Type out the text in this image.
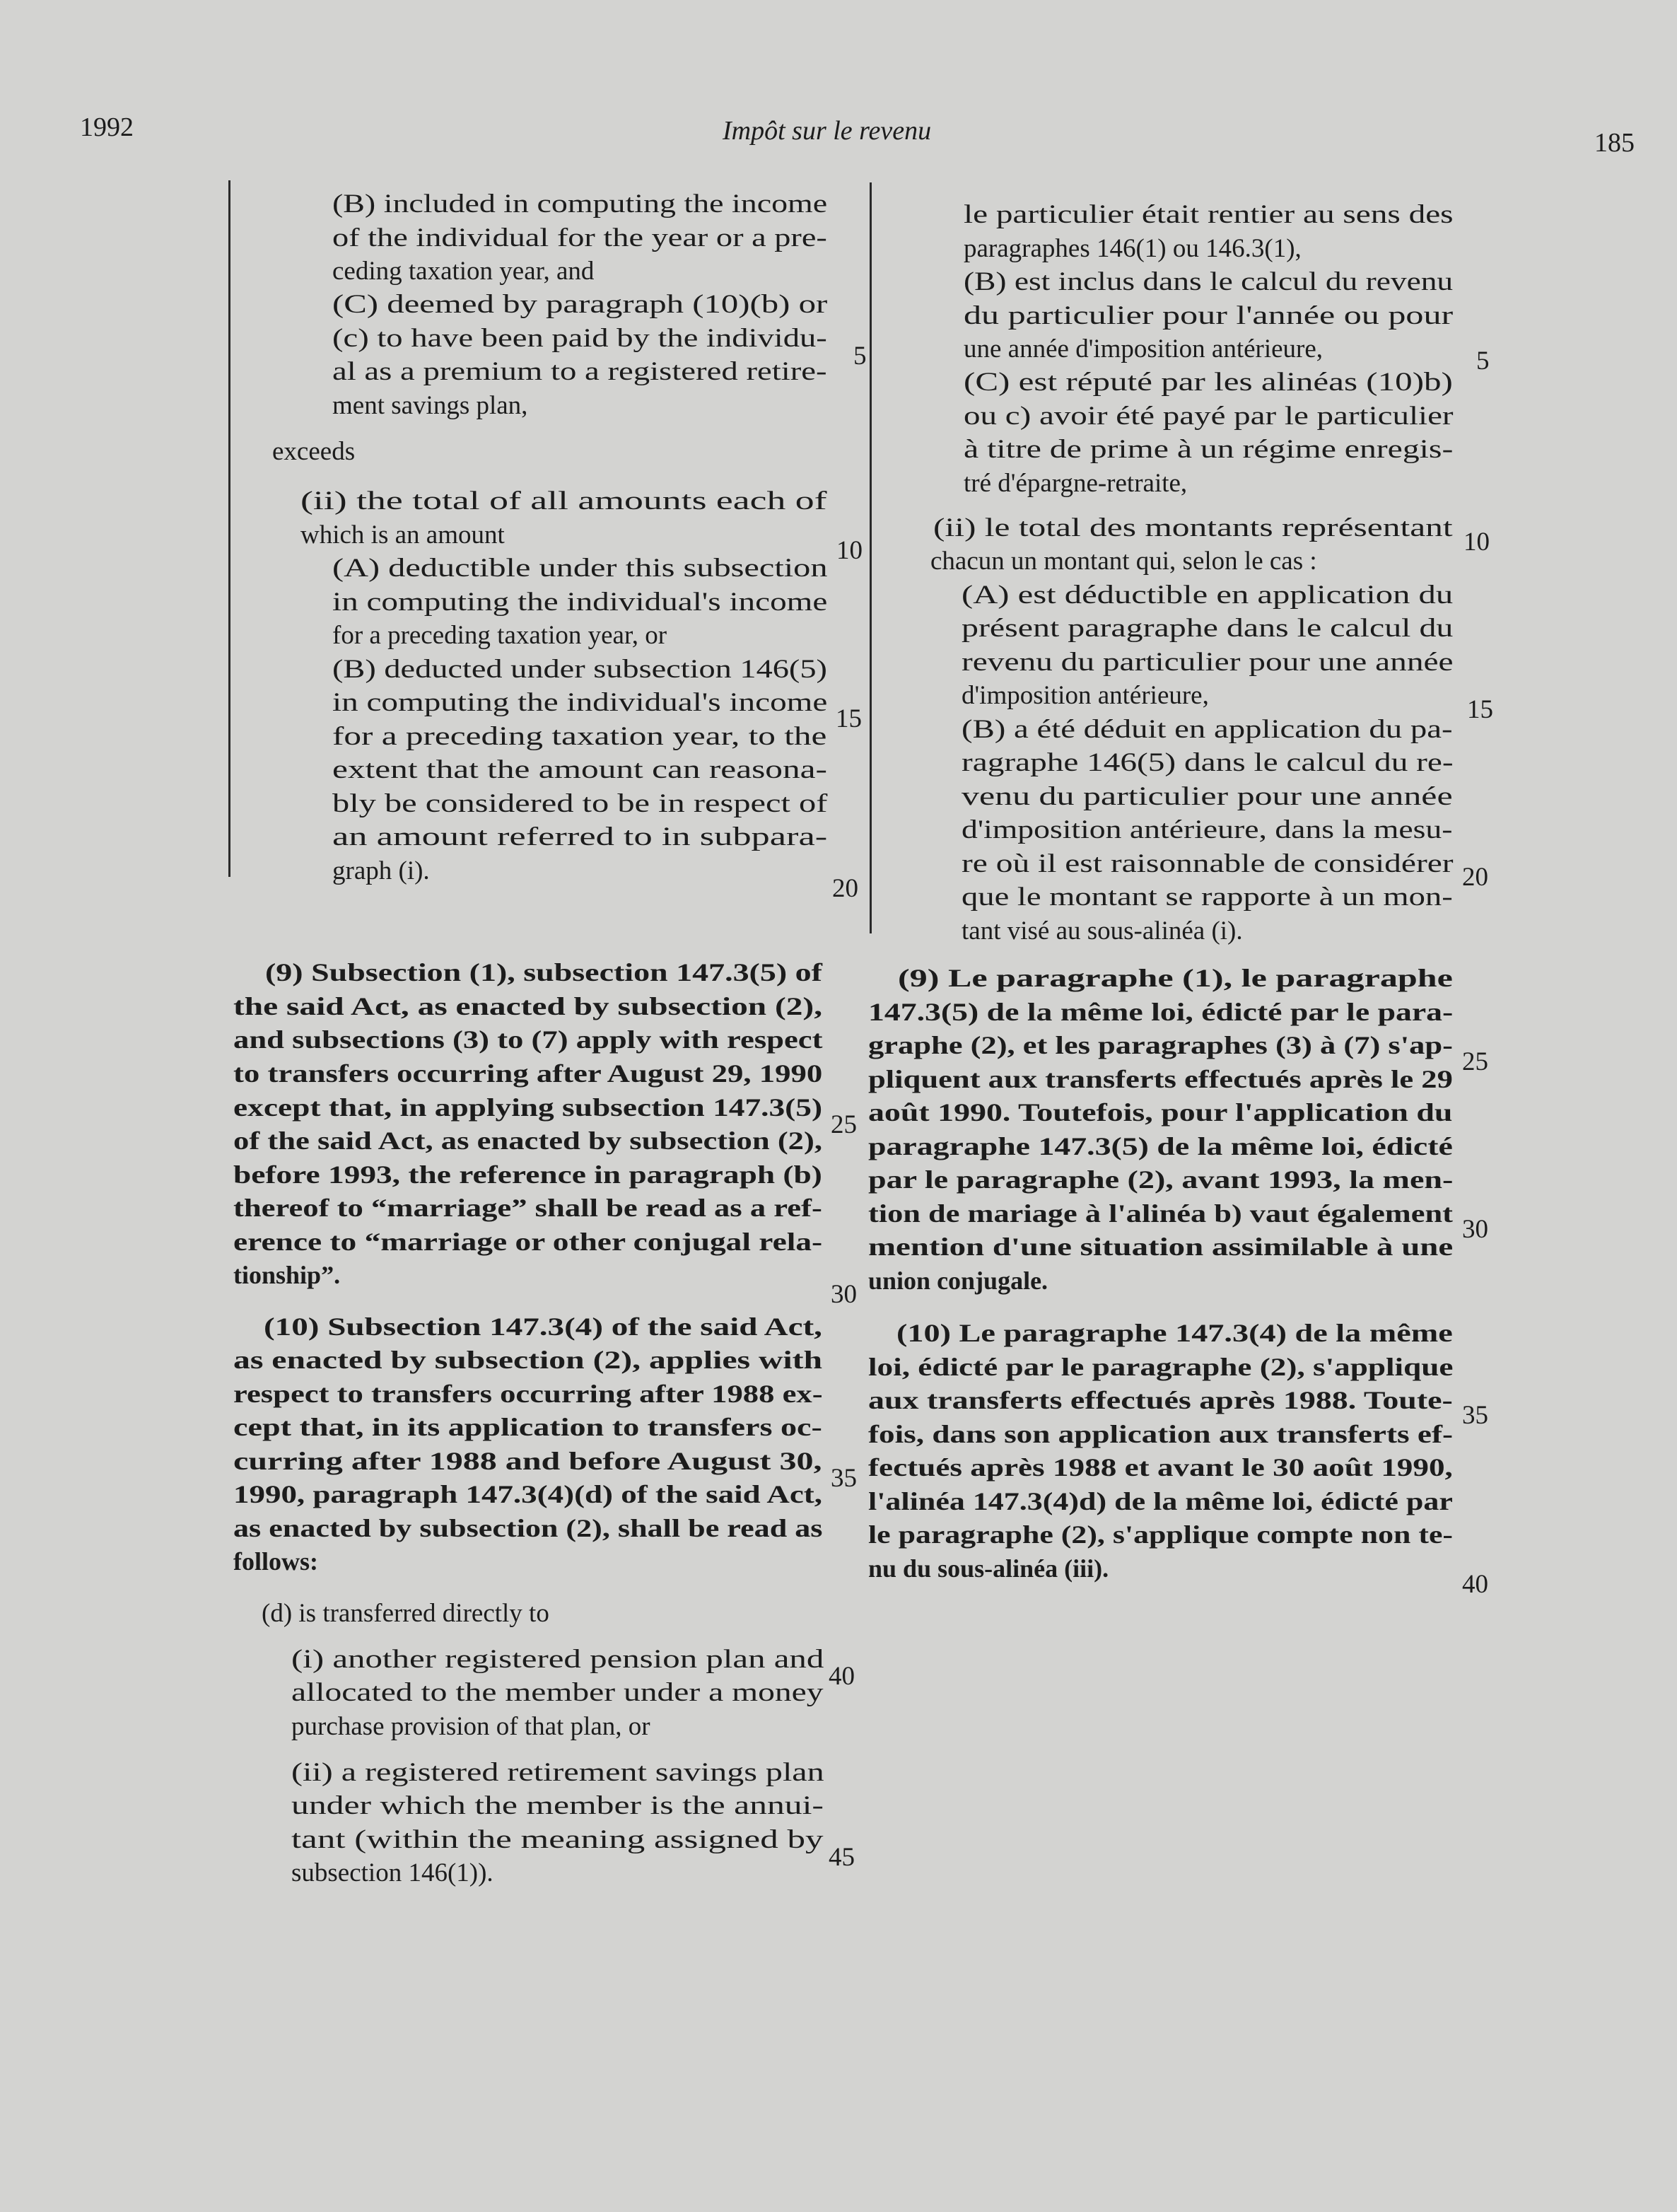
1992	Impôt sur le revenu	185
(B) included in computing the income
of the individual for the year or a pre-
ceding taxation year, and
(C) deemed by paragraph (10)(b) or
(c) to have been paid by the individu-
al as a premium to a registered retire-
ment savings plan,
exceeds
(ii) the total of all amounts each of
which is an amount
(A) deductible under this subsection
in computing the individual's income
for a preceding taxation year, or
(B) deducted under subsection 146(5)
in computing the individual's income
for a preceding taxation year, to the
extent that the amount can reasona-
bly be considered to be in respect of
an amount referred to in subpara-
graph (i).
(9) Subsection (1), subsection 147.3(5) of
the said Act, as enacted by subsection (2),
and subsections (3) to (7) apply with respect
to transfers occurring after August 29, 1990
except that, in applying subsection 147.3(5)
of the said Act, as enacted by subsection (2),
before 1993, the reference in paragraph (b)
thereof to “marriage” shall be read as a ref-
erence to “marriage or other conjugal rela-
tionship”.
(10) Subsection 147.3(4) of the said Act,
as enacted by subsection (2), applies with
respect to transfers occurring after 1988 ex-
cept that, in its application to transfers oc-
curring after 1988 and before August 30,
1990, paragraph 147.3(4)(d) of the said Act,
as enacted by subsection (2), shall be read as
follows:
(d) is transferred directly to
(i) another registered pension plan and
allocated to the member under a money
purchase provision of that plan, or
(ii) a registered retirement savings plan
under which the member is the annui-
tant (within the meaning assigned by
subsection 146(1)).
le particulier était rentier au sens des
paragraphes 146(1) ou 146.3(1),
(B) est inclus dans le calcul du revenu
du particulier pour l'année ou pour
une année d'imposition antérieure,
(C) est réputé par les alinéas (10)b)
ou c) avoir été payé par le particulier
à titre de prime à un régime enregis-
tré d'épargne-retraite,
(ii) le total des montants représentant
chacun un montant qui, selon le cas :
(A) est déductible en application du
présent paragraphe dans le calcul du
revenu du particulier pour une année
d'imposition antérieure,
(B) a été déduit en application du pa-
ragraphe 146(5) dans le calcul du re-
venu du particulier pour une année
d'imposition antérieure, dans la mesu-
re où il est raisonnable de considérer
que le montant se rapporte à un mon-
tant visé au sous-alinéa (i).
(9) Le paragraphe (1), le paragraphe
147.3(5) de la même loi, édicté par le para-
graphe (2), et les paragraphes (3) à (7) s'ap-
pliquent aux transferts effectués après le 29
août 1990. Toutefois, pour l'application du
paragraphe 147.3(5) de la même loi, édicté
par le paragraphe (2), avant 1993, la men-
tion de mariage à l'alinéa b) vaut également
mention d'une situation assimilable à une
union conjugale.
(10) Le paragraphe 147.3(4) de la même
loi, édicté par le paragraphe (2), s'applique
aux transferts effectués après 1988. Toute-
fois, dans son application aux transferts ef-
fectués après 1988 et avant le 30 août 1990,
l'alinéa 147.3(4)d) de la même loi, édicté par
le paragraphe (2), s'applique compte non te-
nu du sous-alinéa (iii).
5
10
15
20
25
30
35
40
45
5
10
15
20
25
30
35
40
